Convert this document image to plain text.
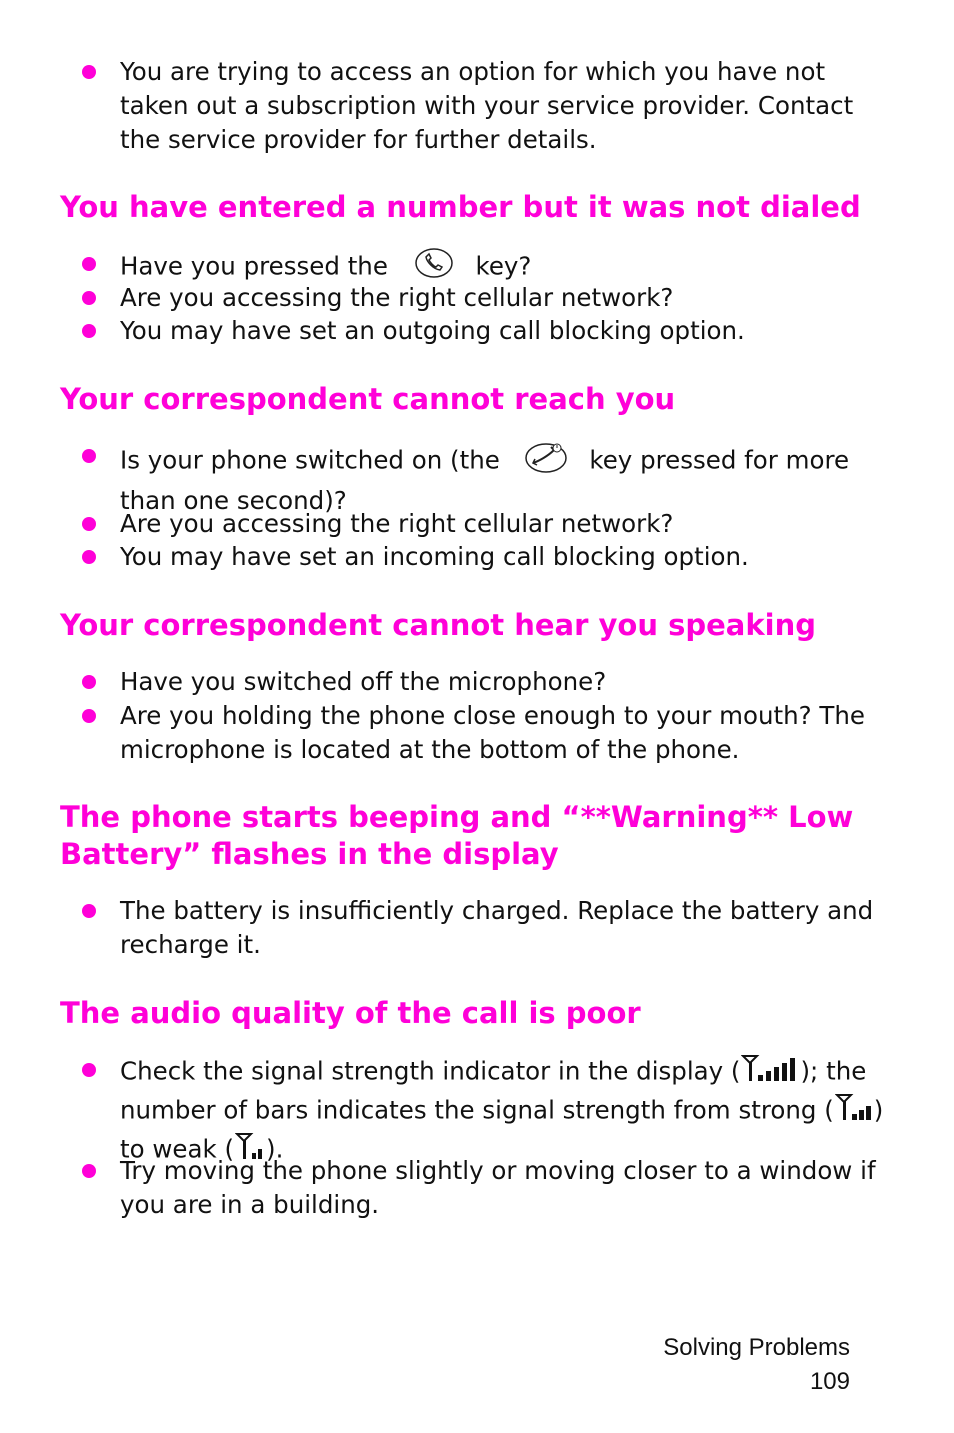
You are trying to access an option for which you have not taken out a subscription with your service provider. Contact the service provider for further details.
You have entered a number but it was not dialed
Have you pressed the	key?
Are you accessing the right cellular network?
You may have set an outgoing call blocking option.
Your correspondent cannot reach you
Is your phone switched on (the	key pressed for more than one second)?
Are you accessing the right cellular network?
You may have set an incoming call blocking option.
Your correspondent cannot hear you speaking
Have you switched off the microphone?
Are you holding the phone close enough to your mouth? The microphone is located at the bottom of the phone.
The phone starts beeping and “**Warning** Low Battery” flashes in the display
The battery is insufficiently charged. Replace the battery and recharge it.
The audio quality of the call is poor
Check the signal strength indicator in the display ( ); the number of bars indicates the signal strength from strong ( ) to weak ( ).
Try moving the phone slightly or moving closer to a window if you are in a building.
Solving Problems
109
